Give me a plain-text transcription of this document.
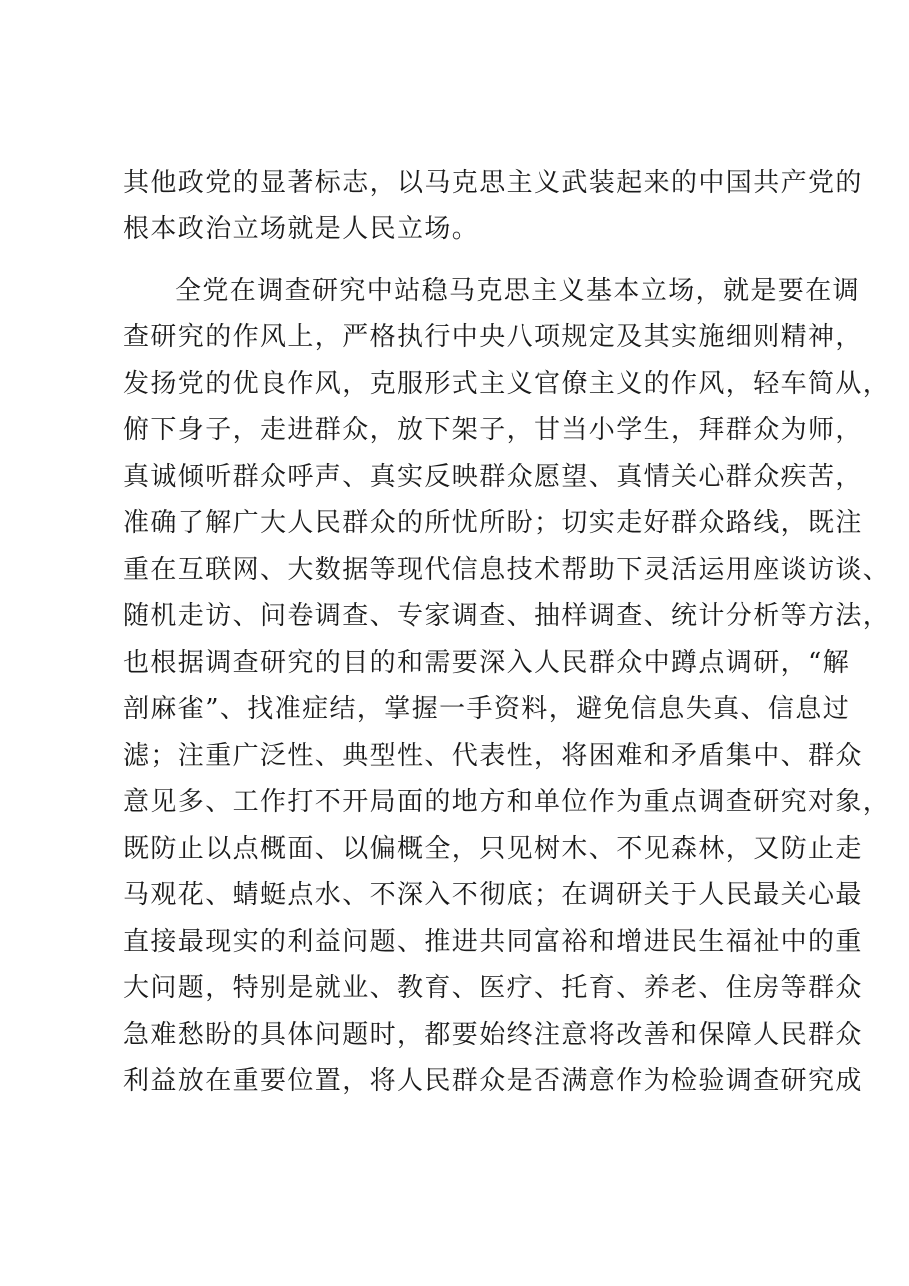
其他政党的显著标志，以马克思主义武装起来的中国共产党的
根本政治立场就是人民立场。
全党在调查研究中站稳马克思主义基本立场，就是要在调
查研究的作风上，严格执行中央八项规定及其实施细则精神，
发扬党的优良作风，克服形式主义官僚主义的作风，轻车简从，
俯下身子，走进群众，放下架子，甘当小学生，拜群众为师，
真诚倾听群众呼声、真实反映群众愿望、真情关心群众疾苦，
准确了解广大人民群众的所忧所盼；切实走好群众路线，既注
重在互联网、大数据等现代信息技术帮助下灵活运用座谈访谈、
随机走访、问卷调查、专家调查、抽样调查、统计分析等方法，
也根据调查研究的目的和需要深入人民群众中蹲点调研，“解
剖麻雀”、找准症结，掌握一手资料，避免信息失真、信息过
滤；注重广泛性、典型性、代表性，将困难和矛盾集中、群众
意见多、工作打不开局面的地方和单位作为重点调查研究对象，
既防止以点概面、以偏概全，只见树木、不见森林，又防止走
马观花、蜻蜓点水、不深入不彻底；在调研关于人民最关心最
直接最现实的利益问题、推进共同富裕和增进民生福祉中的重
大问题，特别是就业、教育、医疗、托育、养老、住房等群众
急难愁盼的具体问题时，都要始终注意将改善和保障人民群众
利益放在重要位置，将人民群众是否满意作为检验调查研究成
